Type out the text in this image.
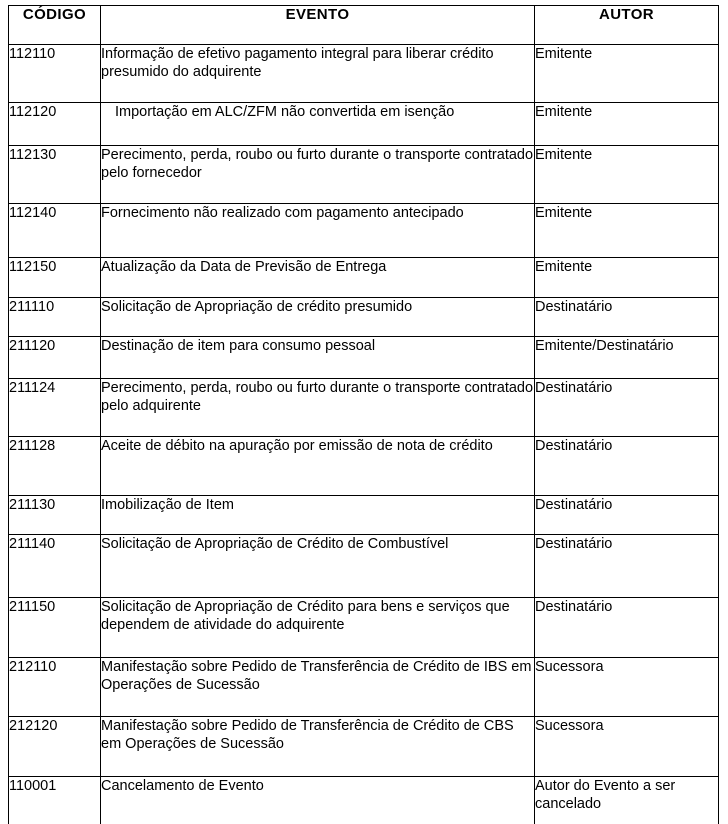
CÓDIGO	EVENTO	AUTOR
112110	Informação de efetivo pagamento integral para liberar crédito presumido do adquirente	Emitente
112120	Importação em ALC/ZFM não convertida em isenção	Emitente
112130	Perecimento, perda, roubo ou furto durante o transporte contratado pelo fornecedor	Emitente
112140	Fornecimento não realizado com pagamento antecipado	Emitente
112150	Atualização da Data de Previsão de Entrega	Emitente
211110	Solicitação de Apropriação de crédito presumido	Destinatário
211120	Destinação de item para consumo pessoal	Emitente/Destinatário
211124	Perecimento, perda, roubo ou furto durante o transporte contratado pelo adquirente	Destinatário
211128	Aceite de débito na apuração por emissão de nota de crédito	Destinatário
211130	Imobilização de Item	Destinatário
211140	Solicitação de Apropriação de Crédito de Combustível	Destinatário
211150	Solicitação de Apropriação de Crédito para bens e serviços que dependem de atividade do adquirente	Destinatário
212110	Manifestação sobre Pedido de Transferência de Crédito de IBS em Operações de Sucessão	Sucessora
212120	Manifestação sobre Pedido de Transferência de Crédito de CBS em Operações de Sucessão	Sucessora
110001	Cancelamento de Evento	Autor do Evento a ser cancelado
